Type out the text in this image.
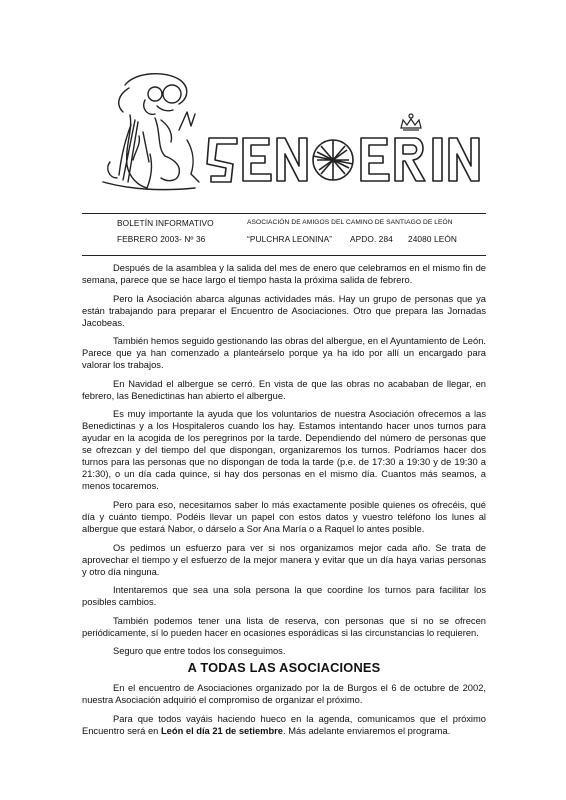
BOLETÍN INFORMATIVO	ASOCIACIÓN DE AMIGOS DEL CAMINO DE SANTIAGO DE LEÓN
FEBRERO 2003- Nº 36	“PULCHRA LEONINA” APDO. 284 24080 LEÓN

Después de la asamblea y la salida del mes de enero que celebramos en el mismo fin de semana, parece que se hace largo el tiempo hasta la próxima salida de febrero.

Pero la Asociación abarca algunas actividades más. Hay un grupo de personas que ya están trabajando para preparar el Encuentro de Asociaciones. Otro que prepara las Jornadas Jacobeas.

También hemos seguido gestionando las obras del albergue, en el Ayuntamiento de León. Parece que ya han comenzado a planteárselo porque ya ha ido por allí un encargado para valorar los trabajos.

En Navidad el albergue se cerró. En vista de que las obras no acababan de llegar, en febrero, las Benedictinas han abierto el albergue.

Es muy importante la ayuda que los voluntarios de nuestra Asociación ofrecemos a las Benedictinas y a los Hospitaleros cuando los hay. Estamos intentando hacer unos turnos para ayudar en la acogida de los peregrinos por la tarde. Dependiendo del número de personas que se ofrezcan y del tiempo del que dispongan, organizaremos los turnos. Podríamos hacer dos turnos para las personas que no dispongan de toda la tarde (p.e. de 17:30 a 19:30 y de 19:30 a 21:30), o un día cada quince, si hay dos personas en el mismo día. Cuantos más seamos, a menos tocaremos.

Pero para eso, necesitamos saber lo más exactamente posible quienes os ofrecéis, qué día y cuánto tiempo. Podéis llevar un papel con estos datos y vuestro teléfono los lunes al albergue que estará Nabor, o dárselo a Sor Ana María o a Raquel lo antes posible.

Os pedimos un esfuerzo para ver si nos organizamos mejor cada año. Se trata de aprovechar el tiempo y el esfuerzo de la mejor manera y evitar que un día haya varias personas y otro día ninguna.

Intentaremos que sea una sola persona la que coordine los turnos para facilitar los posibles cambios.

También podemos tener una lista de reserva, con personas que si no se ofrecen periódicamente, sí lo pueden hacer en ocasiones esporádicas si las circunstancias lo requieren.

Seguro que entre todos los conseguimos.

A TODAS LAS ASOCIACIONES

En el encuentro de Asociaciones organizado por la de Burgos el 6 de octubre de 2002, nuestra Asociación adquirió el compromiso de organizar el próximo.

Para que todos vayáis haciendo hueco en la agenda, comunicamos que el próximo Encuentro será en León el día 21 de setiembre. Más adelante enviaremos el programa.
